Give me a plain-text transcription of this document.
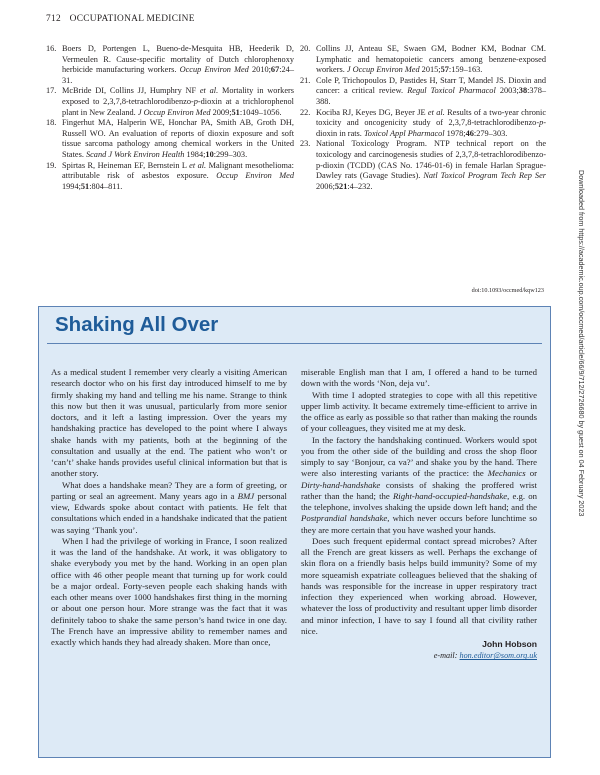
712 OCCUPATIONAL MEDICINE
16. Boers D, Portengen L, Bueno-de-Mesquita HB, Heederik D, Vermeulen R. Cause-specific mortality of Dutch chlorophenoxy herbicide manufacturing workers. Occup Environ Med 2010;67:24–31.
17. McBride DI, Collins JJ, Humphry NF et al. Mortality in workers exposed to 2,3,7,8-tetrachlorodibenzo-p-dioxin at a trichlorophenol plant in New Zealand. J Occup Environ Med 2009;51:1049–1056.
18. Fingerhut MA, Halperin WE, Honchar PA, Smith AB, Groth DH, Russell WO. An evaluation of reports of dioxin exposure and soft tissue sarcoma pathology among chemical workers in the United States. Scand J Work Environ Health 1984;10:299–303.
19. Spirtas R, Heineman EF, Bernstein L et al. Malignant mesothelioma: attributable risk of asbestos exposure. Occup Environ Med 1994;51:804–811.
20. Collins JJ, Anteau SE, Swaen GM, Bodner KM, Bodnar CM. Lymphatic and hematopoietic cancers among benzene-exposed workers. J Occup Environ Med 2015;57:159–163.
21. Cole P, Trichopoulos D, Pastides H, Starr T, Mandel JS. Dioxin and cancer: a critical review. Regul Toxicol Pharmacol 2003;38:378–388.
22. Kociba RJ, Keyes DG, Beyer JE et al. Results of a two-year chronic toxicity and oncogenicity study of 2,3,7,8-tetrachlorodibenzo-p-dioxin in rats. Toxicol Appl Pharmacol 1978;46:279–303.
23. National Toxicology Program. NTP technical report on the toxicology and carcinogenesis studies of 2,3,7,8-tetrachlorodibenzo-p-dioxin (TCDD) (CAS No. 1746-01-6) in female Harlan Sprague-Dawley rats (Gavage Studies). Natl Toxicol Program Tech Rep Ser 2006;521:4–232.
doi:10.1093/occmed/kqw123	Downloaded from https://academic.oup.com/occmed/article/66/9/712/2726680 by guest on 04 February 2023
Shaking All Over

As a medical student I remember very clearly a visiting American research doctor who on his first day introduced himself to me by firmly shaking my hand and telling me his name. Strange to think this now but then it was unusual, particularly from more senior doctors, and it left a lasting impression. Over the years my handshaking practice has developed to the point where I always shake hands with my patients, both at the beginning of the consultation and usually at the end. The patient who won’t or ‘can’t’ shake hands provides useful clinical information but that is another story.

What does a handshake mean? They are a form of greeting, or parting or seal an agreement. Many years ago in a BMJ personal view, Edwards spoke about contact with patients. He felt that consultations which ended in a handshake indicated that the patient was saying ‘Thank you’.

When I had the privilege of working in France, I soon realized it was the land of the handshake. At work, it was obligatory to shake everybody you met by the hand. Working in an open plan office with 46 other people meant that turning up for work could be a major ordeal. Forty-seven people each shaking hands with each other means over 1000 handshakes first thing in the morning or about one person hour. More strange was the fact that it was definitely taboo to shake the same person’s hand twice in one day. The French have an impressive ability to remember names and exactly which hands they had already shaken. More than once,

miserable English man that I am, I offered a hand to be turned down with the words ‘Non, deja vu’.

With time I adopted strategies to cope with all this repetitive upper limb activity. It became extremely time-efficient to arrive in the office as early as possible so that rather than making the rounds of your colleagues, they visited me at my desk.

In the factory the handshaking continued. Workers would spot you from the other side of the building and cross the shop floor simply to say ‘Bonjour, ca va?’ and shake you by the hand. There were also interesting variants of the practice: the Mechanics or Dirty-hand-handshake consists of shaking the proffered wrist rather than the hand; the Right-hand-occupied-handshake, e.g. on the telephone, involves shaking the upside down left hand; and the Postprandial handshake, which never occurs before lunchtime so they are more certain that you have washed your hands.

Does such frequent epidermal contact spread microbes? After all the French are great kissers as well. Perhaps the exchange of skin flora on a friendly basis helps build immunity? Some of my more squeamish expatriate colleagues believed that the shaking of hands was responsible for the increase in upper respiratory tract infection they experienced when working abroad. However, whatever the loss of productivity and resultant upper limb disorder and minor infection, I have to say I found all that civility rather nice.

John Hobson
e-mail: hon.editor@som.org.uk
